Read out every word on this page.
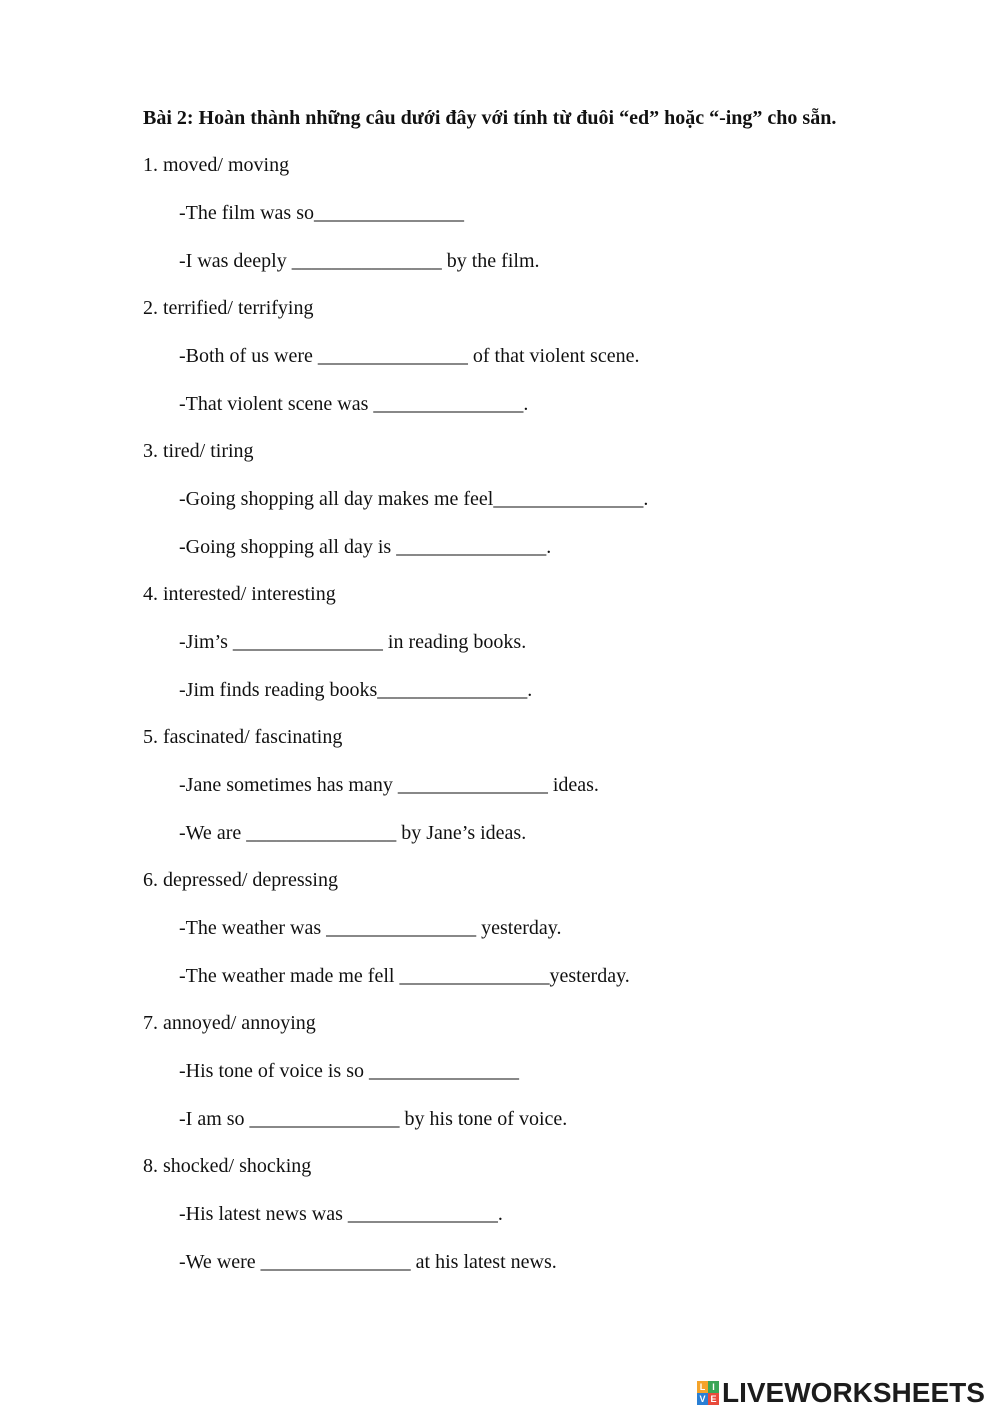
Bài 2: Hoàn thành những câu dưới đây với tính từ đuôi “ed” hoặc “-ing” cho sẵn.
1. moved/ moving
-The film was so_______________
-I was deeply _______________ by the film.
2. terrified/ terrifying
-Both of us were _______________ of that violent scene.
-That violent scene was _______________.
3. tired/ tiring
-Going shopping all day makes me feel_______________.
-Going shopping all day is _______________.
4. interested/ interesting
-Jim’s _______________ in reading books.
-Jim finds reading books_______________.
5. fascinated/ fascinating
-Jane sometimes has many _______________ ideas.
-We are _______________ by Jane’s ideas.
6. depressed/ depressing
-The weather was _______________ yesterday.
-The weather made me fell _______________yesterday.
7. annoyed/ annoying
-His tone of voice is so _______________
-I am so _______________ by his tone of voice.
8. shocked/ shocking
-His latest news was _______________.
-We were _______________ at his latest news.
L I
V E LIVEWORKSHEETS
